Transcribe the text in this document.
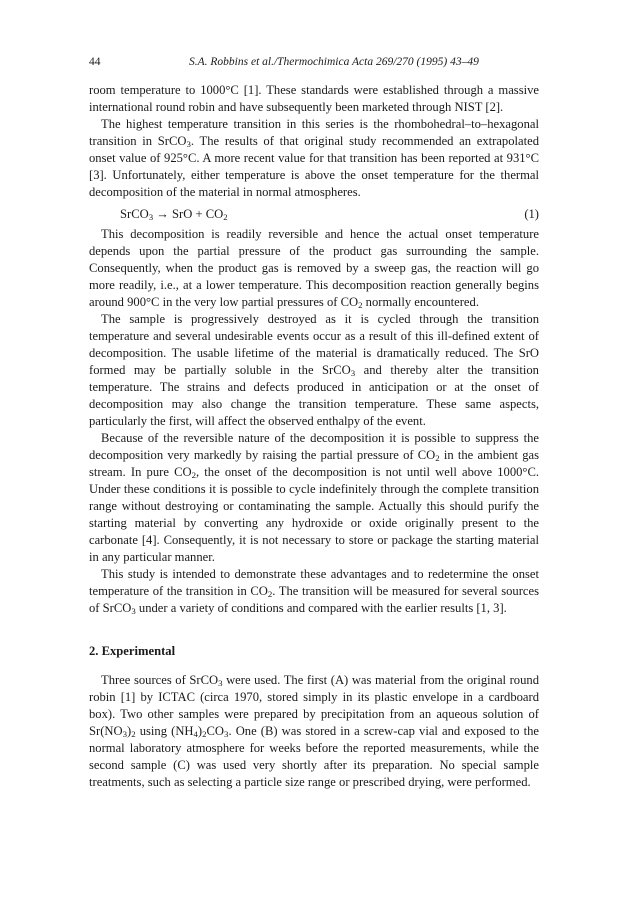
44	S.A. Robbins et al./Thermochimica Acta 269/270 (1995) 43–49

room temperature to 1000°C [1]. These standards were established through a massive international round robin and have subsequently been marketed through NIST [2].

The highest temperature transition in this series is the rhombohedral–to–hexagonal transition in SrCO$_3$. The results of that original study recommended an extrapolated onset value of 925°C. A more recent value for that transition has been reported at 931°C [3]. Unfortunately, either temperature is above the onset temperature for the thermal decomposition of the material in normal atmospheres.

SrCO$_3$ → SrO + $CO_2$	(1)

This decomposition is readily reversible and hence the actual onset temperature depends upon the partial pressure of the product gas surrounding the sample. Consequently, when the product gas is removed by a sweep gas, the reaction will go more readily, i.e., at a lower temperature. This decomposition reaction generally begins around 900°C in the very low partial pressures of $CO_2$ normally encountered.

The sample is progressively destroyed as it is cycled through the transition temperature and several undesirable events occur as a result of this ill-defined extent of decomposition. The usable lifetime of the material is dramatically reduced. The SrO formed may be partially soluble in the SrCO$_3$ and thereby alter the transition temperature. The strains and defects produced in anticipation or at the onset of decomposition may also change the transition temperature. These same aspects, particularly the first, will affect the observed enthalpy of the event.

Because of the reversible nature of the decomposition it is possible to suppress the decomposition very markedly by raising the partial pressure of $CO_2$ in the ambient gas stream. In pure $CO_2$, the onset of the decomposition is not until well above 1000°C. Under these conditions it is possible to cycle indefinitely through the complete transition range without destroying or contaminating the sample. Actually this should purify the starting material by converting any hydroxide or oxide originally present to the carbonate [4]. Consequently, it is not necessary to store or package the starting material in any particular manner.

This study is intended to demonstrate these advantages and to redetermine the onset temperature of the transition in $CO_2$. The transition will be measured for several sources of SrCO$_3$ under a variety of conditions and compared with the earlier results [1, 3].

2. Experimental

Three sources of SrCO$_3$ were used. The first (A) was material from the original round robin [1] by ICTAC (circa 1970, stored simply in its plastic envelope in a cardboard box). Two other samples were prepared by precipitation from an aqueous solution of $Sr(NO_3)_2$ using $(NH_4)_2CO_3$. One (B) was stored in a screw-cap vial and exposed to the normal laboratory atmosphere for weeks before the reported measurements, while the second sample (C) was used very shortly after its preparation. No special sample treatments, such as selecting a particle size range or prescribed drying, were performed.
